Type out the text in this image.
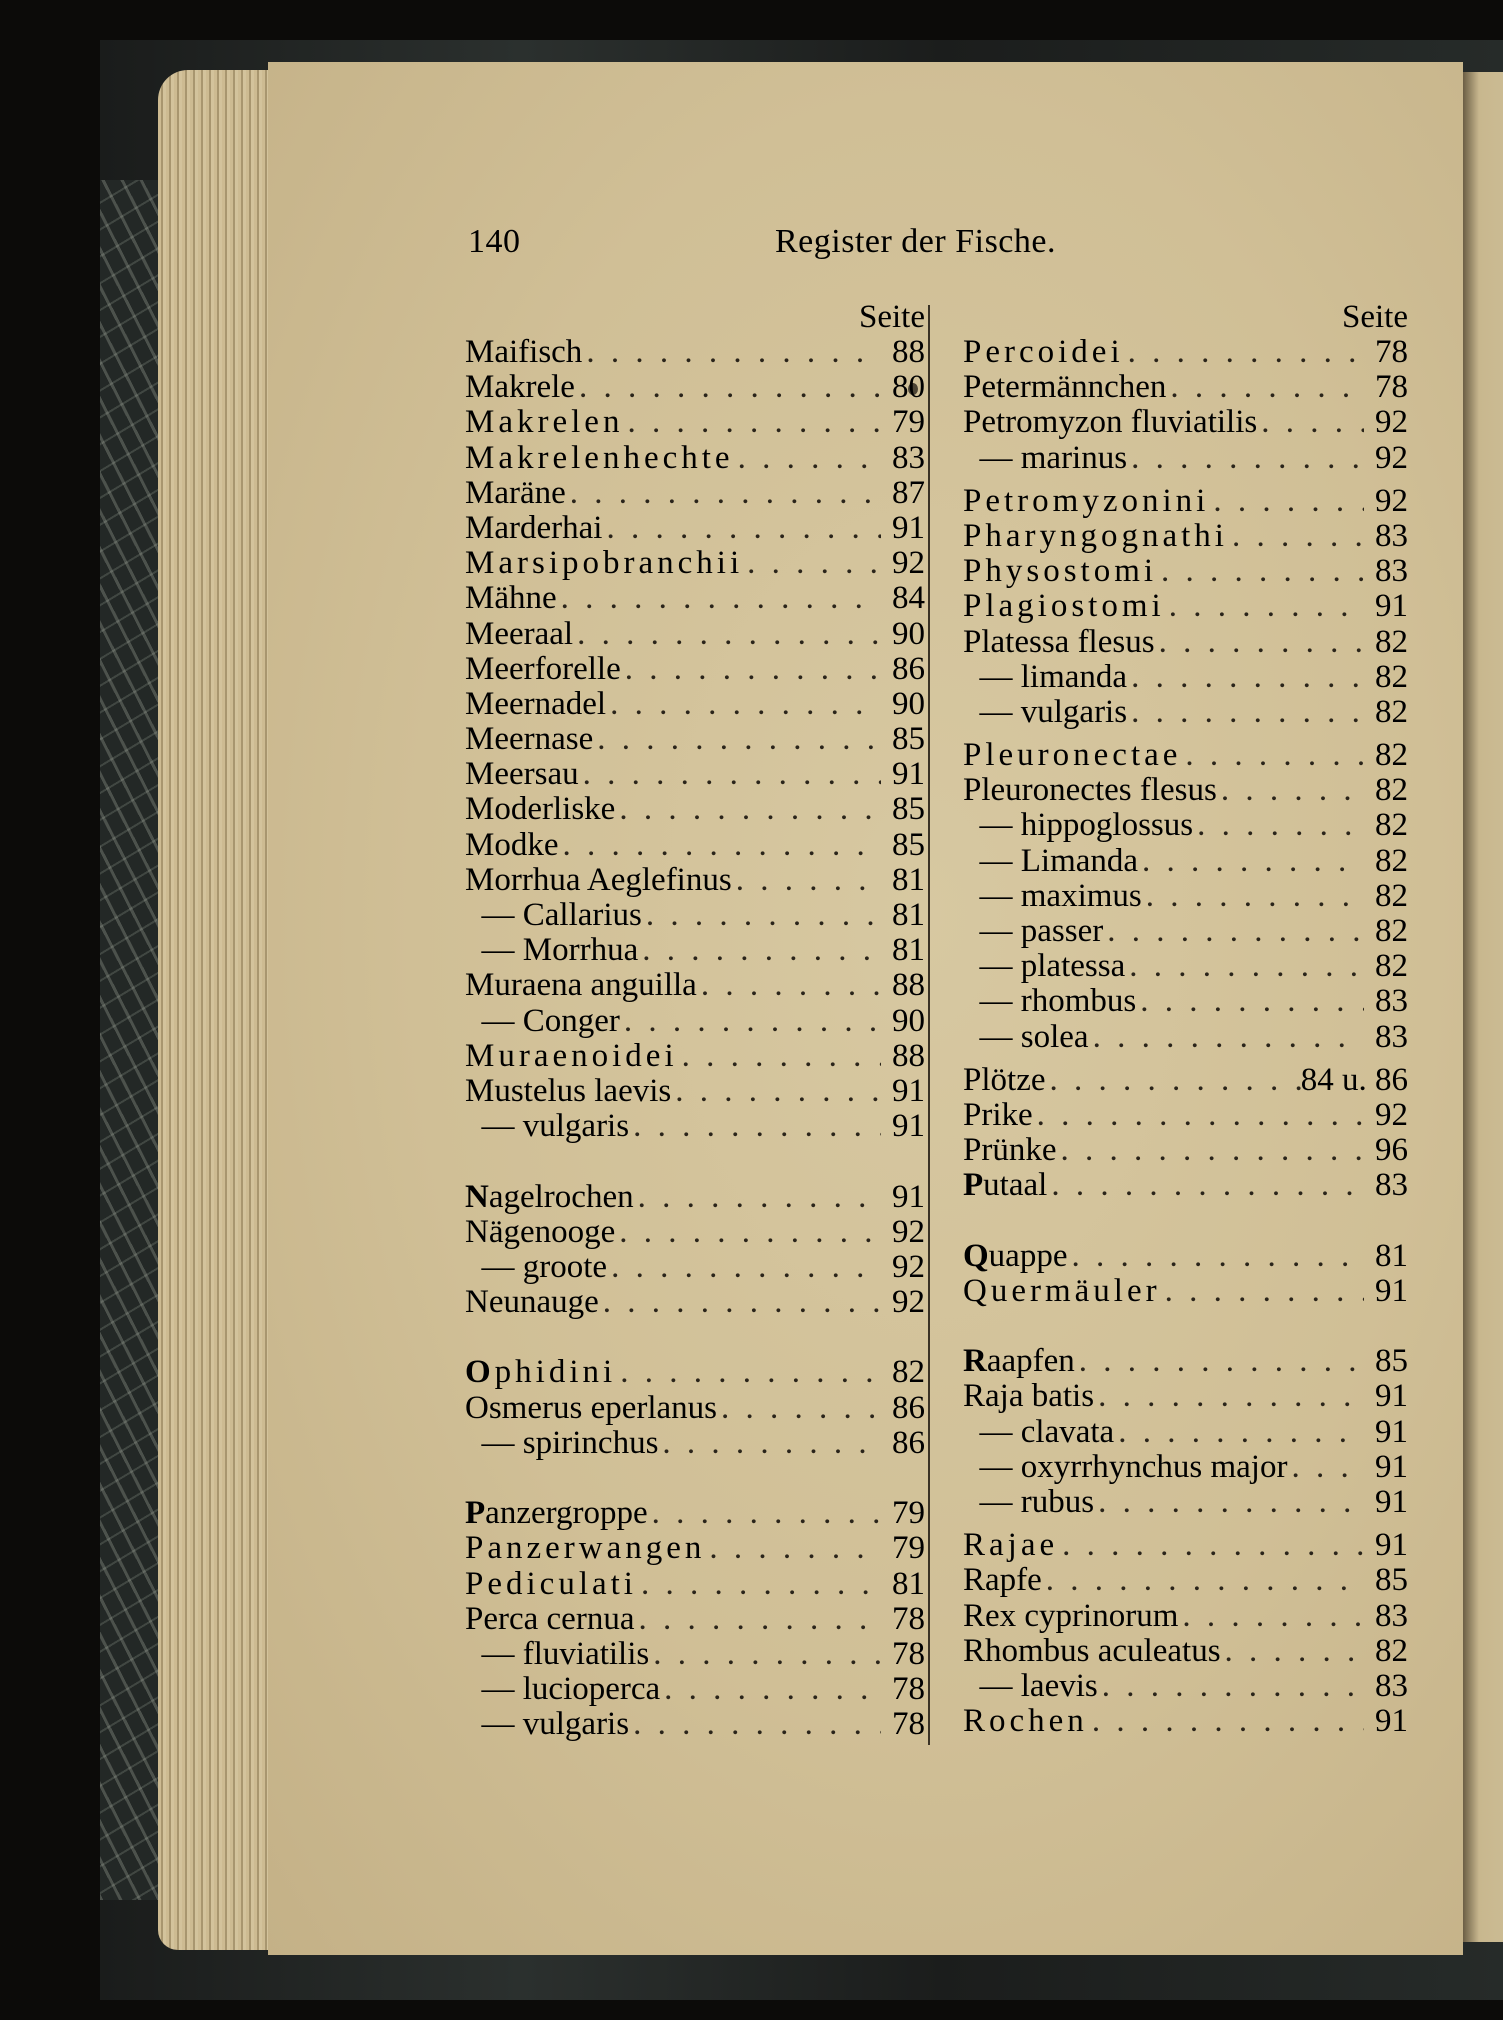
140	Register der Fische.
Seite
Maifisch . . .	88
Makrele . . .	80
Makrelen . . .	79
Makrelenhechte . . .	83
Maräne . . .	87
Marderhai . . .	91
Marsipobranchii . . .	92
Mähne . . .	84
Meeraal . . .	90
Meerforelle . . .	86
Meernadel . . .	90
Meernase . . .	85
Meersau . . .	91
Moderliske . . .	85
Modke . . .	85
Morrhua Aeglefinus . . .	81
— Callarius . . .	81
— Morrhua . . .	81
Muraena anguilla . . .	88
— Conger . . .	90
Muraenoidei . . .	88
Mustelus laevis . . .	91
— vulgaris . . .	91
Nagelrochen . . .	91
Nägenooge . . .	92
— groote . . .	92
Neunauge . . .	92
Ophidini . . .	82
Osmerus eperlanus . . .	86
— spirinchus . . .	86
Panzergroppe . . .	79
Panzerwangen . . .	79
Pediculati . . .	81
Perca cernua . . .	78
— fluviatilis . . .	78
— lucioperca . . .	78
— vulgaris . . .	78
Seite
Percoidei . . .	78
Petermännchen . . .	78
Petromyzon fluviatilis . . .	92
— marinus . . .	92
Petromyzonini . . .	92
Pharyngognathi . . .	83
Physostomi . . .	83
Plagiostomi . . .	91
Platessa flesus . . .	82
— limanda . . .	82
— vulgaris . . .	82
Pleuronectae . . .	82
Pleuronectes flesus . . .	82
— hippoglossus . . .	82
— Limanda . . .	82
— maximus . . .	82
— passer . . .	82
— platessa . . .	82
— rhombus . . .	83
— solea . . .	83
Plötze . . .	84 u. 86
Prike . . .	92
Prünke . . .	96
Putaal . . .	83
Quappe . . .	81
Quermäuler . . .	91
Raapfen . . .	85
Raja batis . . .	91
— clavata . . .	91
— oxyrrhynchus major . . .	91
— rubus . . .	91
Rajae . . .	91
Rapfe . . .	85
Rex cyprinorum . . .	83
Rhombus aculeatus . . .	82
— laevis . . .	83
Rochen . . .	91
